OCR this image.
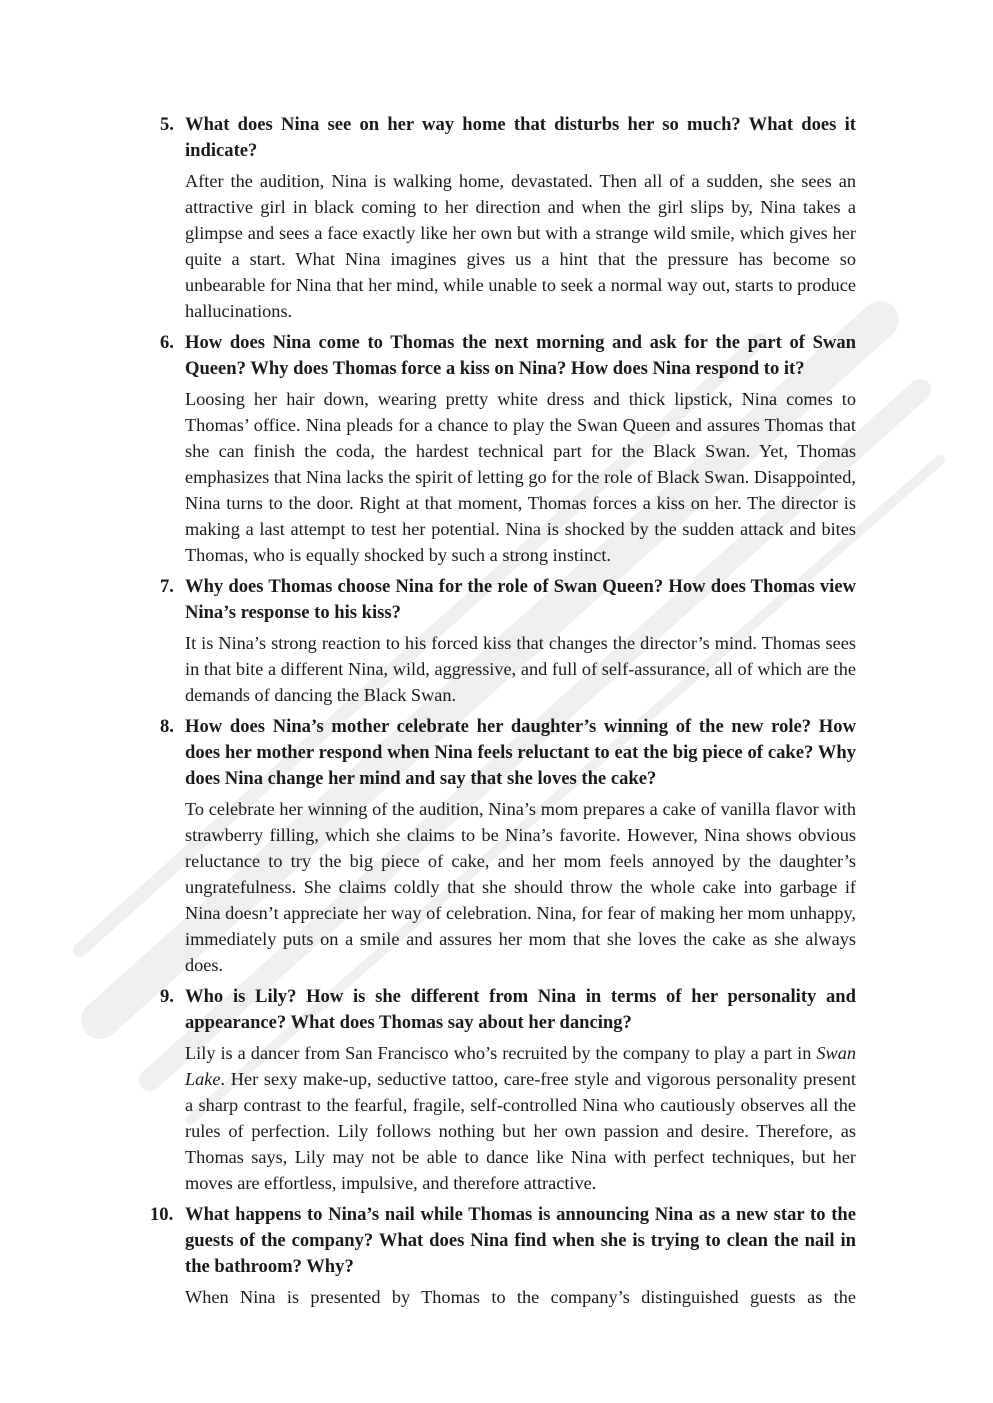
5. What does Nina see on her way home that disturbs her so much? What does it indicate?

After the audition, Nina is walking home, devastated. Then all of a sudden, she sees an attractive girl in black coming to her direction and when the girl slips by, Nina takes a glimpse and sees a face exactly like her own but with a strange wild smile, which gives her quite a start. What Nina imagines gives us a hint that the pressure has become so unbearable for Nina that her mind, while unable to seek a normal way out, starts to produce hallucinations.

6. How does Nina come to Thomas the next morning and ask for the part of Swan Queen? Why does Thomas force a kiss on Nina? How does Nina respond to it?

Loosing her hair down, wearing pretty white dress and thick lipstick, Nina comes to Thomas’ office. Nina pleads for a chance to play the Swan Queen and assures Thomas that she can finish the coda, the hardest technical part for the Black Swan. Yet, Thomas emphasizes that Nina lacks the spirit of letting go for the role of Black Swan. Disappointed, Nina turns to the door. Right at that moment, Thomas forces a kiss on her. The director is making a last attempt to test her potential. Nina is shocked by the sudden attack and bites Thomas, who is equally shocked by such a strong instinct.

7. Why does Thomas choose Nina for the role of Swan Queen? How does Thomas view Nina’s response to his kiss?

It is Nina’s strong reaction to his forced kiss that changes the director’s mind. Thomas sees in that bite a different Nina, wild, aggressive, and full of self-assurance, all of which are the demands of dancing the Black Swan.

8. How does Nina’s mother celebrate her daughter’s winning of the new role? How does her mother respond when Nina feels reluctant to eat the big piece of cake? Why does Nina change her mind and say that she loves the cake?

To celebrate her winning of the audition, Nina’s mom prepares a cake of vanilla flavor with strawberry filling, which she claims to be Nina’s favorite. However, Nina shows obvious reluctance to try the big piece of cake, and her mom feels annoyed by the daughter’s ungratefulness. She claims coldly that she should throw the whole cake into garbage if Nina doesn’t appreciate her way of celebration. Nina, for fear of making her mom unhappy, immediately puts on a smile and assures her mom that she loves the cake as she always does.

9. Who is Lily? How is she different from Nina in terms of her personality and appearance? What does Thomas say about her dancing?

Lily is a dancer from San Francisco who’s recruited by the company to play a part in Swan Lake. Her sexy make-up, seductive tattoo, care-free style and vigorous personality present a sharp contrast to the fearful, fragile, self-controlled Nina who cautiously observes all the rules of perfection. Lily follows nothing but her own passion and desire. Therefore, as Thomas says, Lily may not be able to dance like Nina with perfect techniques, but her moves are effortless, impulsive, and therefore attractive.

10. What happens to Nina’s nail while Thomas is announcing Nina as a new star to the guests of the company? What does Nina find when she is trying to clean the nail in the bathroom? Why?

When Nina is presented by Thomas to the company’s distinguished guests as the
